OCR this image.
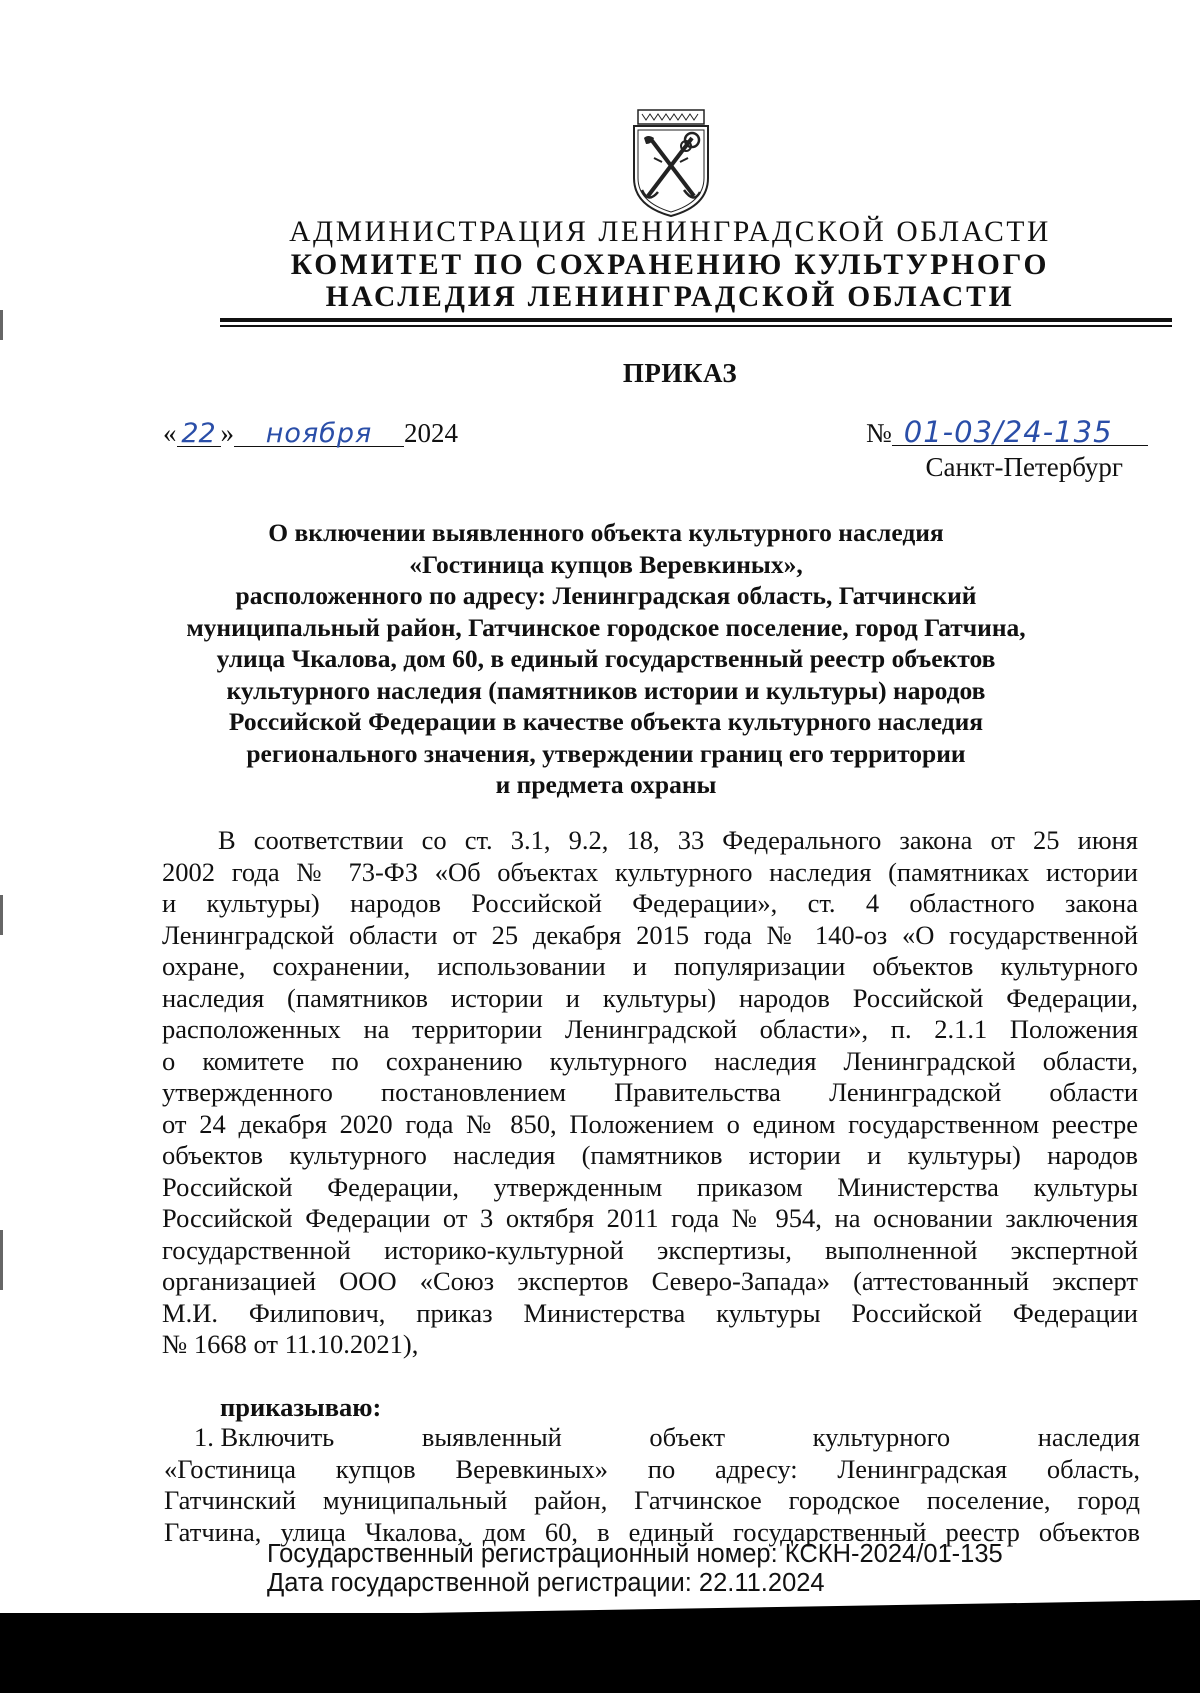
АДМИНИСТРАЦИЯ ЛЕНИНГРАДСКОЙ ОБЛАСТИ
КОМИТЕТ ПО СОХРАНЕНИЮ КУЛЬТУРНОГО
НАСЛЕДИЯ ЛЕНИНГРАДСКОЙ ОБЛАСТИ
ПРИКАЗ
« 22 » ноября 2024	№ 01-03/24-135
Санкт-Петербург
О включении выявленного объекта культурного наследия
«Гостиница купцов Веревкиных»,
расположенного по адресу: Ленинградская область, Гатчинский
муниципальный район, Гатчинское городское поселение, город Гатчина,
улица Чкалова, дом 60, в единый государственный реестр объектов
культурного наследия (памятников истории и культуры) народов
Российской Федерации в качестве объекта культурного наследия
регионального значения, утверждении границ его территории
и предмета охраны
В соответствии со ст. 3.1, 9.2, 18, 33 Федерального закона от 25 июня
2002 года № 73-ФЗ «Об объектах культурного наследия (памятниках истории
и культуры) народов Российской Федерации», ст. 4 областного закона
Ленинградской области от 25 декабря 2015 года № 140-оз «О государственной
охране, сохранении, использовании и популяризации объектов культурного
наследия (памятников истории и культуры) народов Российской Федерации,
расположенных на территории Ленинградской области», п. 2.1.1 Положения
о комитете по сохранению культурного наследия Ленинградской области,
утвержденного постановлением Правительства Ленинградской области
от 24 декабря 2020 года № 850, Положением о едином государственном реестре
объектов культурного наследия (памятников истории и культуры) народов
Российской Федерации, утвержденным приказом Министерства культуры
Российской Федерации от 3 октября 2011 года № 954, на основании заключения
государственной историко-культурной экспертизы, выполненной экспертной
организацией ООО «Союз экспертов Северо-Запада» (аттестованный эксперт
М.И. Филипович, приказ Министерства культуры Российской Федерации
№ 1668 от 11.10.2021),
приказываю:
1. Включить	выявленный	объект	культурного	наследия
«Гостиница купцов Веревкиных» по адресу: Ленинградская область,
Гатчинский муниципальный район, Гатчинское городское поселение, город
Гатчина, улица Чкалова, дом 60, в единый государственный реестр объектов
Государственный регистрационный номер: КСКН-2024/01-135
Дата государственной регистрации: 22.11.2024
